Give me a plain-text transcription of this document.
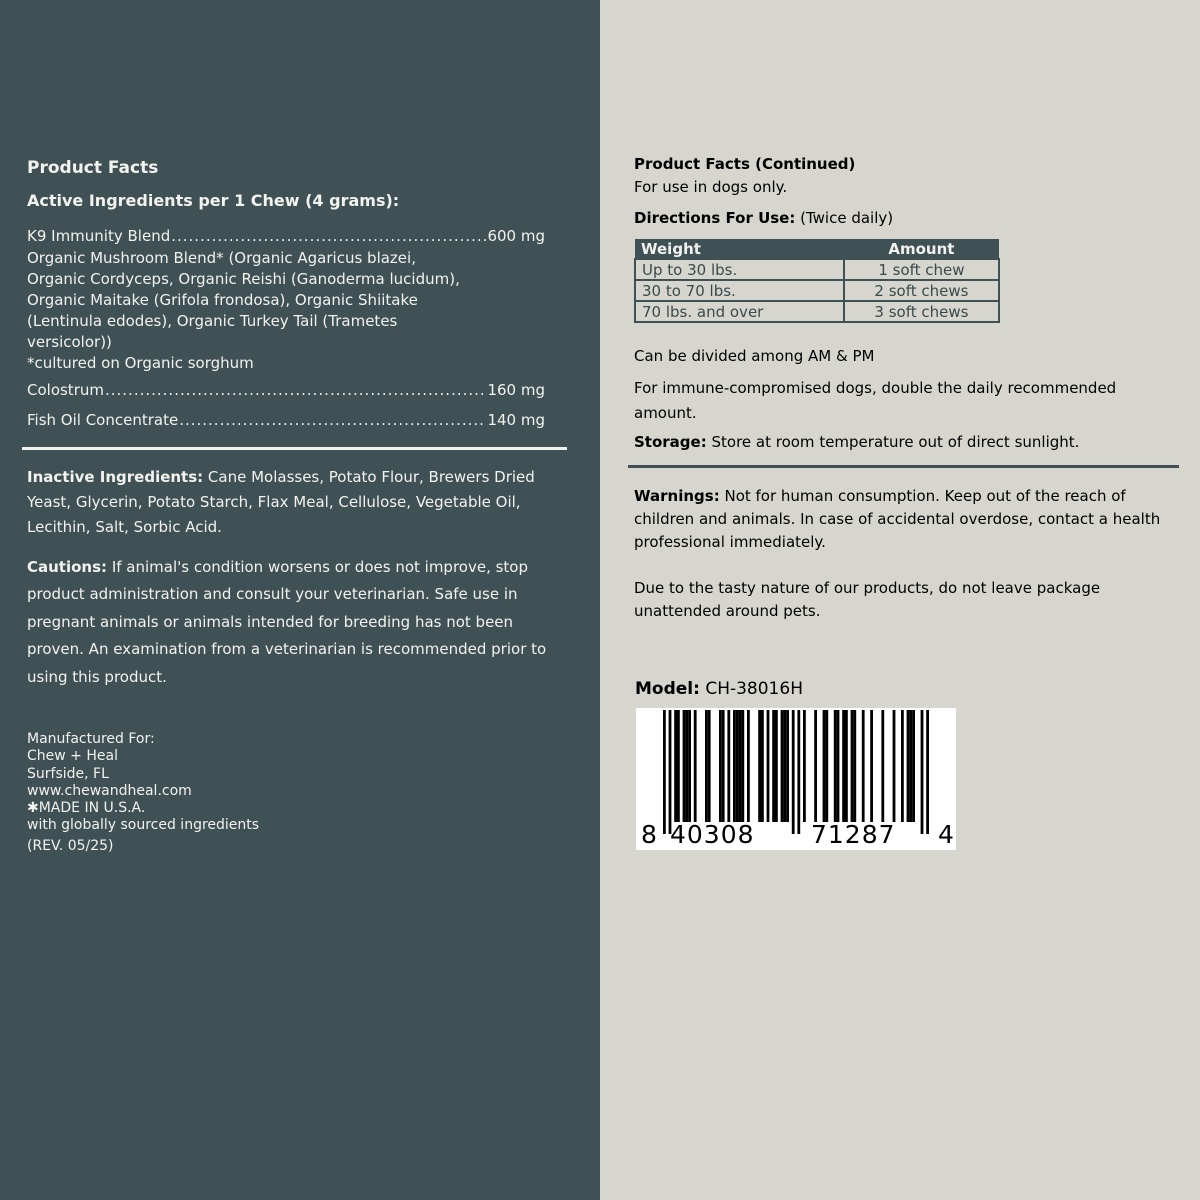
Product Facts
Active Ingredients per 1 Chew (4 grams):
K9 Immunity Blend .....	600 mg
Organic Mushroom Blend* (Organic Agaricus blazei,
Organic Cordyceps, Organic Reishi (Ganoderma lucidum),
Organic Maitake (Grifola frondosa), Organic Shiitake
(Lentinula edodes), Organic Turkey Tail (Trametes
versicolor))
*cultured on Organic sorghum
Colostrum .....	160 mg
Fish Oil Concentrate .....	140 mg
Inactive Ingredients: Cane Molasses, Potato Flour, Brewers Dried
Yeast, Glycerin, Potato Starch, Flax Meal, Cellulose, Vegetable Oil,
Lecithin, Salt, Sorbic Acid.
Cautions: If animal's condition worsens or does not improve, stop
product administration and consult your veterinarian. Safe use in
pregnant animals or animals intended for breeding has not been
proven. An examination from a veterinarian is recommended prior to
using this product.
Manufactured For:
Chew + Heal
Surfside, FL
www.chewandheal.com
✱MADE IN U.S.A.
with globally sourced ingredients
(REV. 05/25)
Product Facts (Continued)
For use in dogs only.
Directions For Use: (Twice daily)
Weight	Amount
Up to 30 lbs.	1 soft chew
30 to 70 lbs.	2 soft chews
70 lbs. and over	3 soft chews
Can be divided among AM & PM
For immune-compromised dogs, double the daily recommended
amount.
Storage: Store at room temperature out of direct sunlight.
Warnings: Not for human consumption. Keep out of the reach of
children and animals. In case of accidental overdose, contact a health
professional immediately.
Due to the tasty nature of our products, do not leave package
unattended around pets.
Model: CH-38016H
8 40308 71287 4
